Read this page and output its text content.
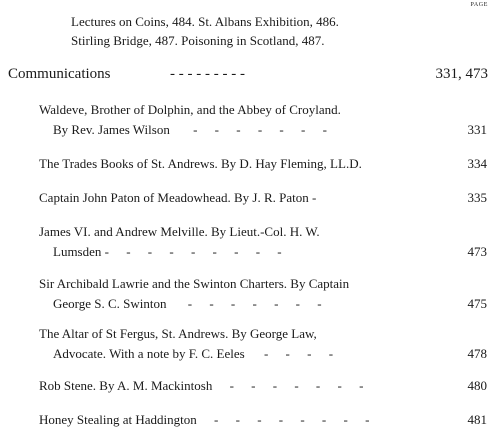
PAGE
Lectures on Coins, 484. St. Albans Exhibition, 486.
Stirling Bridge, 487. Poisoning in Scotland, 487.
Communications	- - - - - - - - -	331, 473
Waldeve, Brother of Dolphin, and the Abbey of Croyland.
By Rev. James Wilson - - - - - - -	331
The Trades Books of St. Andrews. By D. Hay Fleming, LL.D.	334
Captain John Paton of Meadowhead. By J. R. Paton -	335
James VI. and Andrew Melville. By Lieut.-Col. H. W.
Lumsden - - - - - - - - -	473
Sir Archibald Lawrie and the Swinton Charters. By Captain
George S. C. Swinton - - - - - - -	475
The Altar of St Fergus, St. Andrews. By George Law,
Advocate. With a note by F. C. Eeles - - - -	478
Rob Stene. By A. M. Mackintosh - - - - - - -	480
Honey Stealing at Haddington - - - - - - - -	481
